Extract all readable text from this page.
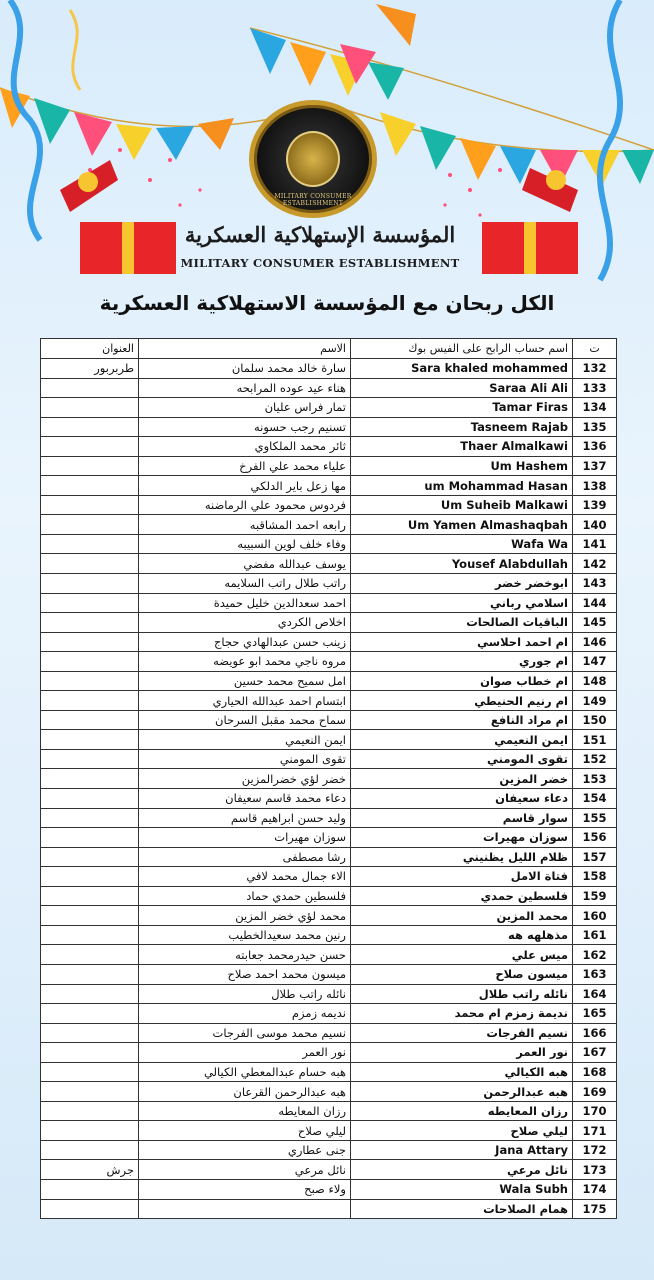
MILITARY CONSUMER ESTABLISHMENT
المؤسسة الإستهلاكية العسكرية
MILITARY CONSUMER ESTABLISHMENT
الكل ربحان مع المؤسسة الاستهلاكية العسكرية
العنوان	الاسم	اسم حساب الرابح على الفيس بوك	ت
طربربور	سارة خالد محمد سلمان	Sara khaled mohammed	132
	هناء عيد عوده المرابحه	Saraa Ali Ali	133
	تمار فراس عليان	Tamar Firas	134
	تسنيم رجب حسونه	Tasneem Rajab	135
	ثائر محمد الملكاوي	Thaer Almalkawi	136
	علياء محمد علي الفرخ	Um Hashem	137
	مها زعل باير الدلكي	um Mohammad Hasan	138
	فردوس محمود علي الرماضنه	Um Suheib Malkawi	139
	رابعه احمد المشاقبه	Um Yamen Almashaqbah	140
	وفاء خلف لوين السبيبه	Wafa Wa	141
	يوسف عبدالله مفضي	Yousef Alabdullah	142
	راتب طلال راتب السلايمه	ابوخضر خضر	143
	احمد سعدالدين خليل حميدة	اسلامي رباني	144
	اخلاص الكردي	الباقيات الصالحات	145
	زينب حسن عبدالهادي حجاج	ام احمد احلاسي	146
	مروه ناجي محمد ابو عويضه	ام جوري	147
	امل سميح محمد حسين	ام خطاب صوان	148
	ابتسام احمد عبدالله الحياري	ام رنيم الحنيطي	149
	سماح محمد مقبل السرحان	ام مراد النافع	150
	ايمن النعيمي	ايمن النعيمي	151
	تقوى المومني	تقوى المومني	152
	خضر لؤي خضرالمزين	خضر المزين	153
	دعاء محمد قاسم سعيفان	دعاء سعيفان	154
	وليد حسن ابراهيم قاسم	سوار قاسم	155
	سوزان مهيرات	سوزان مهيرات	156
	رشا مصطفى	ظلام الليل يظنيني	157
	الاء جمال محمد لافي	فتاة الامل	158
	فلسطين حمدي حماد	فلسطين حمدي	159
	محمد لؤي خضر المزين	محمد المزين	160
	رنين محمد سعيدالخطيب	مذهلهه هه	161
	حسن حيدرمحمد جعابته	ميس علي	162
	ميسون محمد احمد صلاح	ميسون صلاح	163
	نائله راتب طلال	نائله راتب طلال	164
	نديمه زمزم	نديمة زمزم ام محمد	165
	نسيم محمد موسى الفرجات	نسيم الفرجات	166
	نور العمر	نور العمر	167
	هبه حسام عبدالمعطي الكيالي	هبه الكيالي	168
	هبه عبدالرحمن القرعان	هبه عبدالرحمن	169
	رزان المعايطه	رزان المعايطه	170
	ليلي صلاح	ليلي صلاح	171
	جنى عطاري	Jana Attary	172
جرش	نائل مرعي	نائل مرعي	173
	ولاء صبح	Wala Subh	174
		همام الصلاحات	175
